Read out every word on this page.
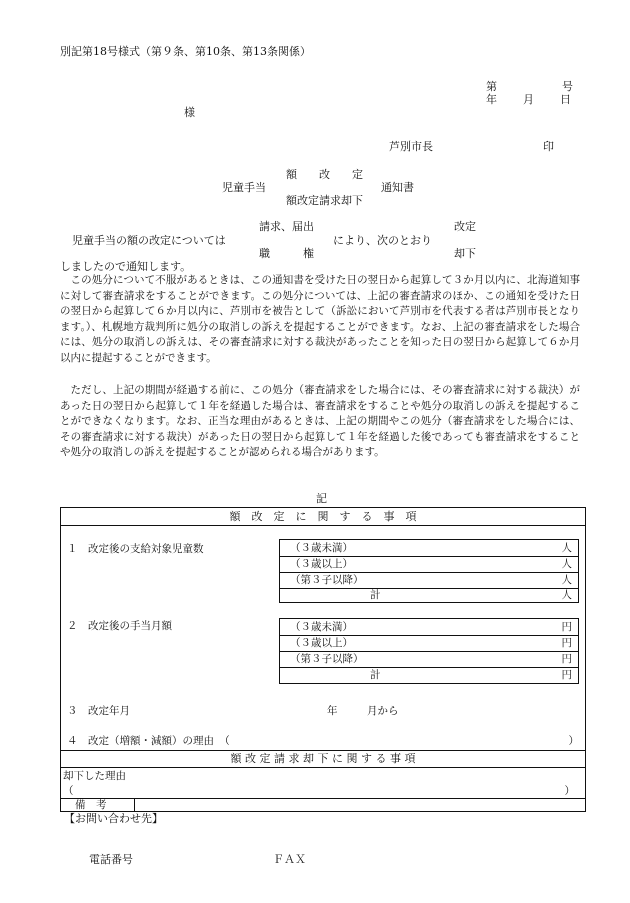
別記第18号様式（第９条、第10条、第13条関係）
第	号
年 月 日
様
芦別市長	印
額　　改　　定
児童手当	通知書
額改定請求却下
請求、届出	改定
児童手当の額の改定については	により、次のとおり
職　　　権	却下
しましたので通知します。

この処分について不服があるときは、この通知書を受けた日の翌日から起算して３か月以内に、北海道知事に対して審査請求をすることができます。この処分については、上記の審査請求のほか、この通知を受けた日の翌日から起算して６か月以内に、芦別市を被告として（訴訟において芦別市を代表する者は芦別市長となります。）、札幌地方裁判所に処分の取消しの訴えを提起することができます。なお、上記の審査請求をした場合には、処分の取消しの訴えは、その審査請求に対する裁決があったことを知った日の翌日から起算して６か月以内に提起することができます。

ただし、上記の期間が経過する前に、この処分（審査請求をした場合には、その審査請求に対する裁決）があった日の翌日から起算して１年を経過した場合は、審査請求をすることや処分の取消しの訴えを提起することができなくなります。なお、正当な理由があるときは、上記の期間やこの処分（審査請求をした場合には、その審査請求に対する裁決）があった日の翌日から起算して１年を経過した後であっても審査請求をすることや処分の取消しの訴えを提起することが認められる場合があります。

記
額　改　定　に　関　す　る　事　項
１　改定後の支給対象児童数	（３歳未満）	人
（３歳以上）	人
（第３子以降）	人
計	人
２　改定後の手当月額	（３歳未満）	円
（３歳以上）	円
（第３子以降）	円
計	円
３　改定年月	年	月から
４　改定（増額・減額）の理由　（	）
額 改 定 請 求 却 下 に 関 す る 事 項
却下した理由
（	）
備　考
【お問い合わせ先】
電話番号	ＦＡＸ
